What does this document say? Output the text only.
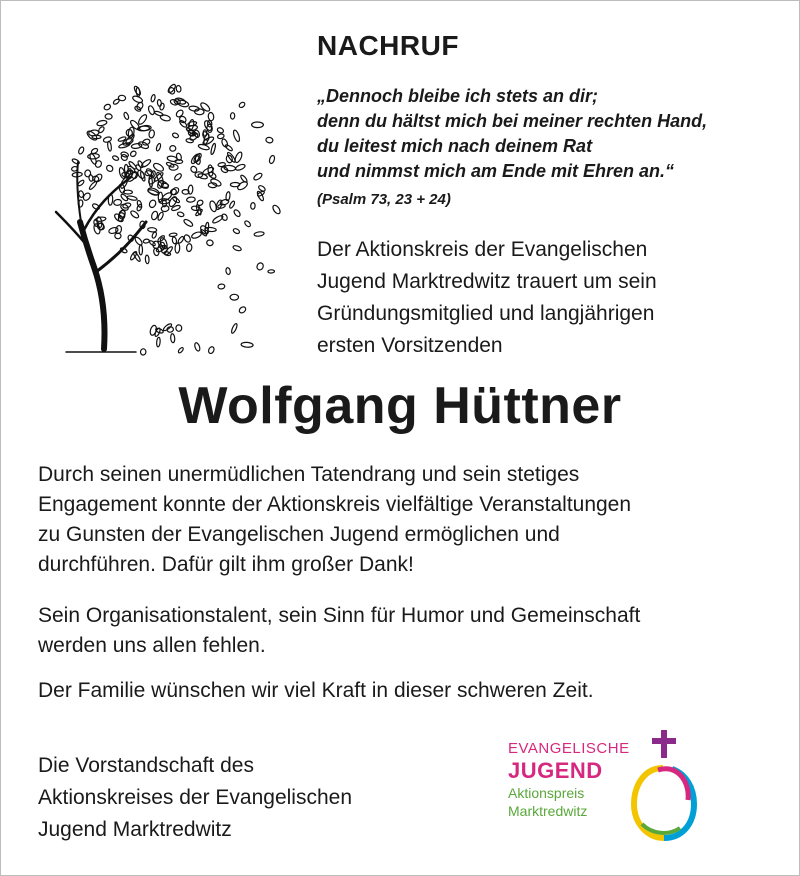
NACHRUF
„Dennoch bleibe ich stets an dir;
denn du hältst mich bei meiner rechten Hand,
du leitest mich nach deinem Rat
und nimmst mich am Ende mit Ehren an.“
(Psalm 73, 23 + 24)
Der Aktionskreis der Evangelischen
Jugend Marktredwitz trauert um sein
Gründungsmitglied und langjährigen
ersten Vorsitzenden
Wolfgang Hüttner
Durch seinen unermüdlichen Tatendrang und sein stetiges
Engagement konnte der Aktionskreis vielfältige Veranstaltungen
zu Gunsten der Evangelischen Jugend ermöglichen und
durchführen. Dafür gilt ihm großer Dank!
Sein Organisationstalent, sein Sinn für Humor und Gemeinschaft
werden uns allen fehlen.
Der Familie wünschen wir viel Kraft in dieser schweren Zeit.
Die Vorstandschaft des
Aktionskreises der Evangelischen
Jugend Marktredwitz
EVANGELISCHE
JUGEND
Aktionspreis
Marktredwitz
